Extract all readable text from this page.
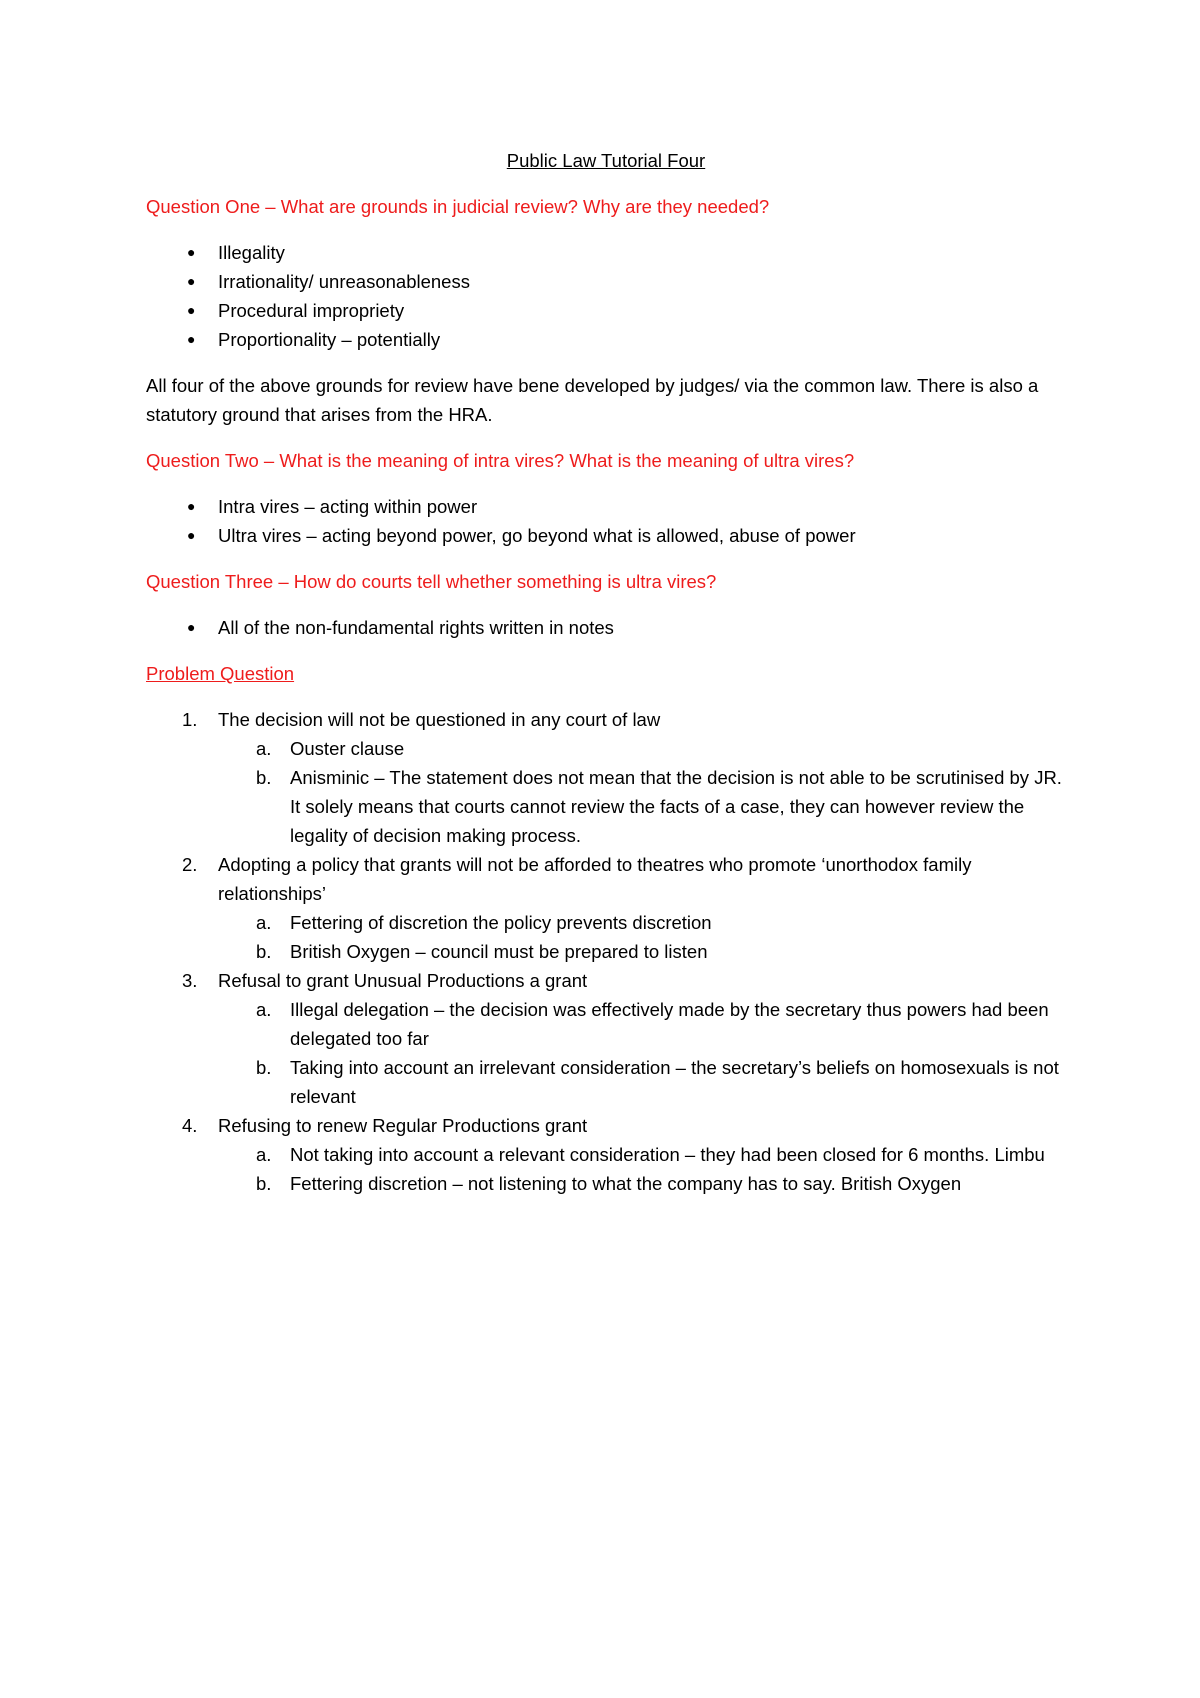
Public Law Tutorial Four
Question One – What are grounds in judicial review? Why are they needed?
● Illegality
● Irrationality/ unreasonableness
● Procedural impropriety
● Proportionality – potentially
All four of the above grounds for review have bene developed by judges/ via the common law. There is also a statutory ground that arises from the HRA.
Question Two – What is the meaning of intra vires? What is the meaning of ultra vires?
● Intra vires – acting within power
● Ultra vires – acting beyond power, go beyond what is allowed, abuse of power
Question Three – How do courts tell whether something is ultra vires?
● All of the non-fundamental rights written in notes
Problem Question
1. The decision will not be questioned in any court of law
a. Ouster clause
b. Anisminic – The statement does not mean that the decision is not able to be scrutinised by JR. It solely means that courts cannot review the facts of a case, they can however review the legality of decision making process.
2. Adopting a policy that grants will not be afforded to theatres who promote ‘unorthodox family relationships’
a. Fettering of discretion the policy prevents discretion
b. British Oxygen – council must be prepared to listen
3. Refusal to grant Unusual Productions a grant
a. Illegal delegation – the decision was effectively made by the secretary thus powers had been delegated too far
b. Taking into account an irrelevant consideration – the secretary’s beliefs on homosexuals is not relevant
4. Refusing to renew Regular Productions grant
a. Not taking into account a relevant consideration – they had been closed for 6 months. Limbu
b. Fettering discretion – not listening to what the company has to say. British Oxygen
